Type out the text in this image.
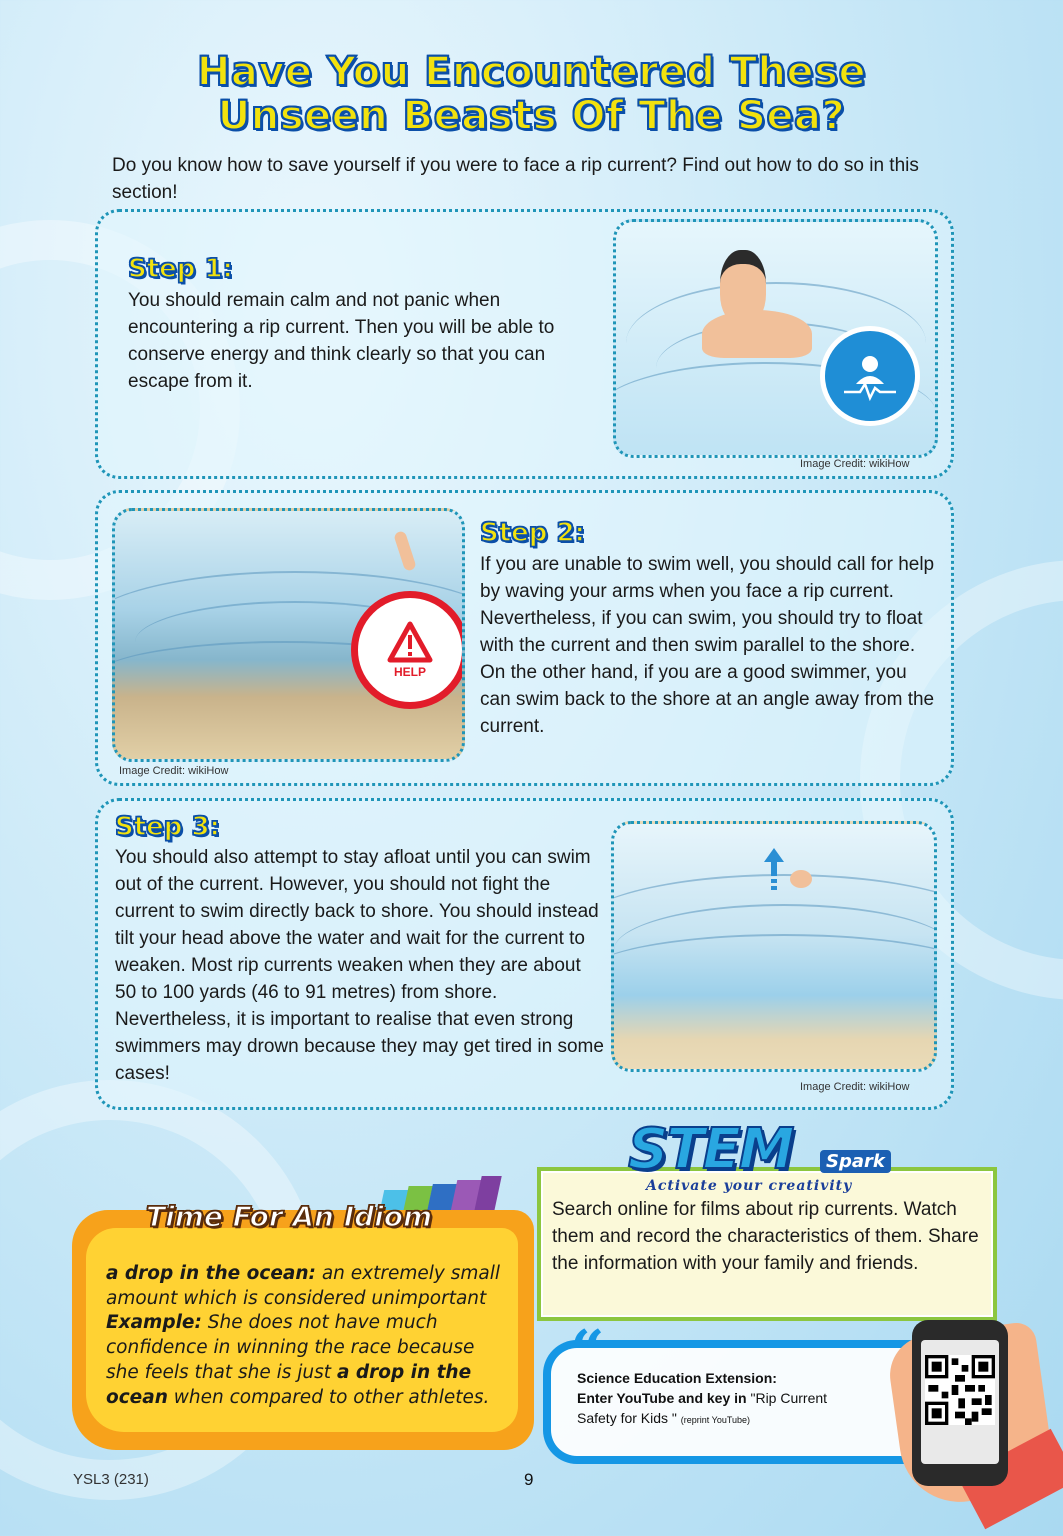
Have You Encountered These
Unseen Beasts Of The Sea?
Do you know how to save yourself if you were to face a rip current? Find out how to do so in this section!
Step 1:
You should remain calm and not panic when encountering a rip current. Then you will be able to conserve energy and think clearly so that you can escape from it.
Image Credit: wikiHow
HELP
Image Credit: wikiHow
Step 2:
If you are unable to swim well, you should call for help by waving your arms when you face a rip current. Nevertheless, if you can swim, you should try to float with the current and then swim parallel to the shore. On the other hand, if you are a good swimmer, you can swim back to the shore at an angle away from the current.
Step 3:
You should also attempt to stay afloat until you can swim out of the current. However, you should not fight the current to swim directly back to shore. You should instead tilt your head above the water and wait for the current to weaken. Most rip currents weaken when they are about 50 to 100 yards (46 to 91 metres) from shore. Nevertheless, it is important to realise that even strong swimmers may drown because they may get tired in some cases!
Image Credit: wikiHow
STEM	Spark
Activate your creativity
Search online for films about rip currents. Watch them and record the characteristics of them. Share the information with your family and friends.
Time For An Idiom
a drop in the ocean: an extremely small amount which is considered unimportant
Example: She does not have much confidence in winning the race because she feels that she is just a drop in the ocean when compared to other athletes.
“
Science Education Extension:
Enter YouTube and key in "Rip Current
Safety for Kids " (reprint YouTube)
YSL3 (231)	9
